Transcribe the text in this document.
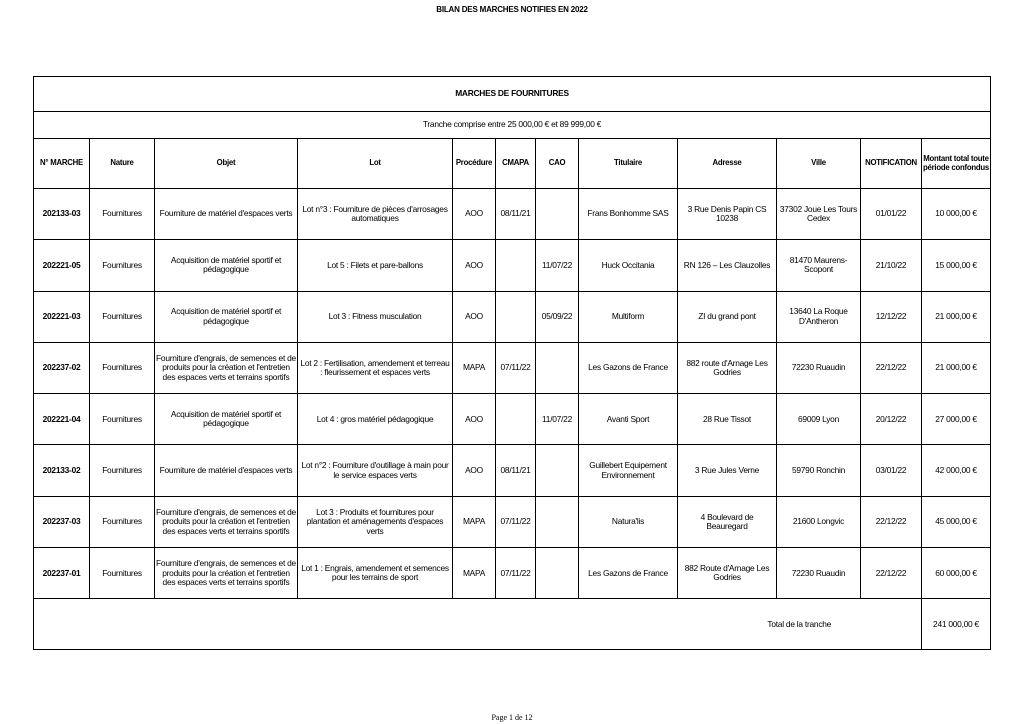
BILAN DES MARCHES NOTIFIES EN 2022
MARCHES DE FOURNITURES											
Tranche comprise entre 25 000,00 € et 89 999,00 €											
N° MARCHE	Nature	Objet	Lot	Procédure	CMAPA	CAO	Titulaire	Adresse	Ville	NOTIFICATION	Montant total toute période confondus
202133-03	Fournitures	Fourniture de matériel d'espaces verts	Lot n°3 : Fourniture de pièces d'arrosages automatiques	AOO	08/11/21		Frans Bonhomme SAS	3 Rue Denis Papin CS 10238	37302 Joue Les Tours Cedex	01/01/22	10 000,00 €
202221-05	Fournitures	Acquisition de matériel sportif et pédagogique	Lot 5 : Filets et pare-ballons	AOO		11/07/22	Huck Occitania	RN 126 – Les Clauzolles	81470 Maurens-Scopont	21/10/22	15 000,00 €
202221-03	Fournitures	Acquisition de matériel sportif et pédagogique	Lot 3 : Fitness musculation	AOO		05/09/22	Multiform	ZI du grand pont	13640 La Roque D'Antheron	12/12/22	21 000,00 €
202237-02	Fournitures	Fourniture d'engrais, de semences et de produits pour la création et l'entretien des espaces verts et terrains sportifs	Lot 2 : Fertilisation, amendement et terreau : fleurissement et espaces verts	MAPA	07/11/22		Les Gazons de France	882 route d'Arnage Les Godries	72230 Ruaudin	22/12/22	21 000,00 €
202221-04	Fournitures	Acquisition de matériel sportif et pédagogique	Lot 4 : gros matériel pédagogique	AOO		11/07/22	Avanti Sport	28 Rue Tissot	69009 Lyon	20/12/22	27 000,00 €
202133-02	Fournitures	Fourniture de matériel d'espaces verts	Lot n°2 : Fourniture d'outillage à main pour le service espaces verts	AOO	08/11/21		Guillebert Equipement Environnement	3 Rue Jules Verne	59790 Ronchin	03/01/22	42 000,00 €
202237-03	Fournitures	Fourniture d'engrais, de semences et de produits pour la création et l'entretien des espaces verts et terrains sportifs	Lot 3 : Produits et fournitures pour plantation et aménagements d'espaces verts	MAPA	07/11/22		Natura'lis	4 Boulevard de Beauregard	21600 Longvic	22/12/22	45 000,00 €
202237-01	Fournitures	Fourniture d'engrais, de semences et de produits pour la création et l'entretien des espaces verts et terrains sportifs	Lot 1 : Engrais, amendement et semences pour les terrains de sport	MAPA	07/11/22		Les Gazons de France	882 Route d'Arnage Les Godries	72230 Ruaudin	22/12/22	60 000,00 €
								Total de la tranche			241 000,00 €
Page 1 de 12
